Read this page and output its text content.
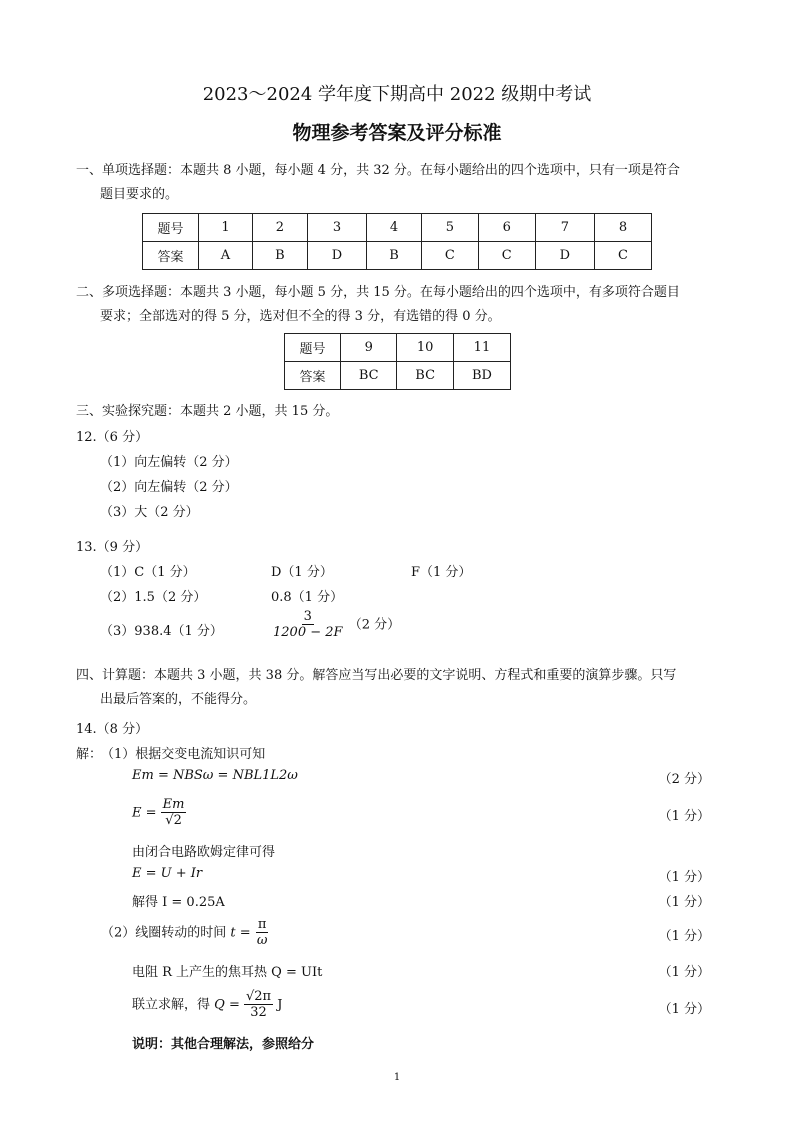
2023～2024 学年度下期高中 2022 级期中考试
物理参考答案及评分标准
一、单项选择题：本题共 8 小题，每小题 4 分，共 32 分。在每小题给出的四个选项中，只有一项是符合
题目要求的。
题号	1	2	3	4	5	6	7	8
答案	A	B	D	B	C	C	D	C
二、多项选择题：本题共 3 小题，每小题 5 分，共 15 分。在每小题给出的四个选项中，有多项符合题目
要求；全部选对的得 5 分，选对但不全的得 3 分，有选错的得 0 分。
题号	9	10	11
答案	BC	BC	BD
三、实验探究题：本题共 2 小题，共 15 分。
12.（6 分）
（1）向左偏转（2 分）
（2）向左偏转（2 分）
（3）大（2 分）
13.（9 分）
（1）C（1 分）	D（1 分）	F（1 分）
（2）1.5（2 分）	0.8（1 分）
（3）938.4（1 分）	$\frac{3}{1200 - 2F} (2$ 分）
四、计算题：本题共 3 小题，共 38 分。解答应当写出必要的文字说明、方程式和重要的演算步骤。只写
出最后答案的，不能得分。
14.（8 分）
解：
（1）根据交变电流知识可知
Em = NBSω = NBL1L2ω	（2 分）
$E = \frac{Em}{√2}$	（1 分）
由闭合电路欧姆定律可得
E = U + Ir	（1 分）
解得 I = 0.25A	（1 分）
（2）线圈转动的时间 $t = \frac{\pi}{\omega}$	（1 分）
电阻 R 上产生的焦耳热 Q = UIt	（1 分）
联立求解，得 $Q = \frac{√2\pi}{32}$ J	（1 分）
说明：其他合理解法，参照给分
1
